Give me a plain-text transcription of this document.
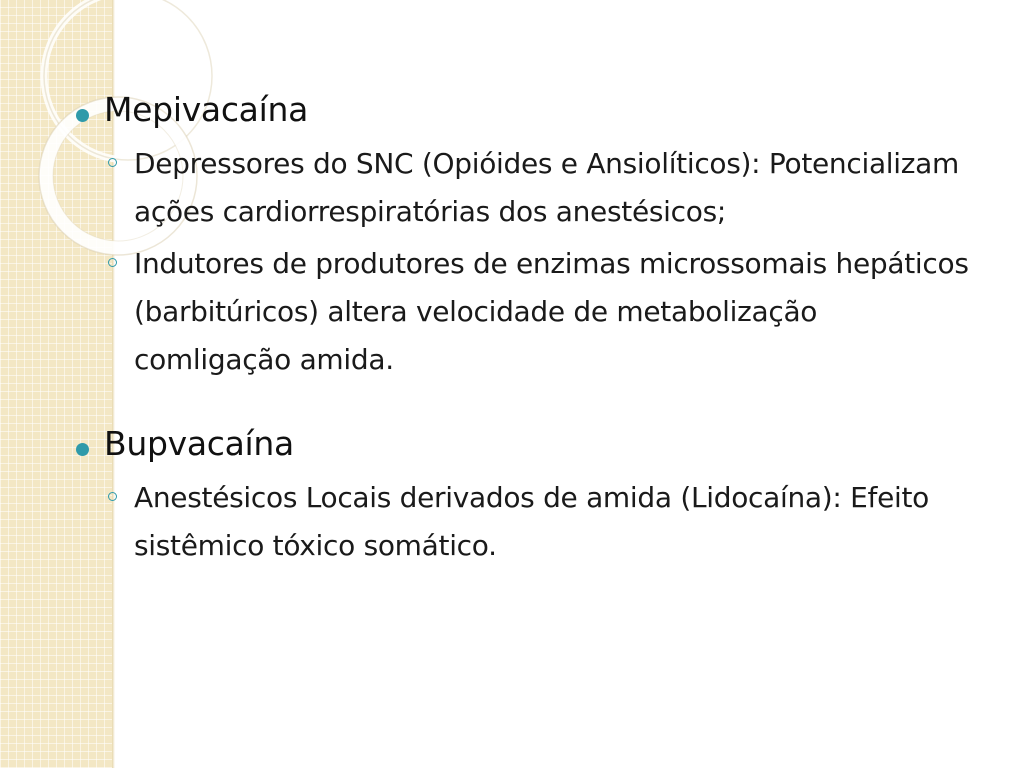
Mepivacaína
Depressores do SNC (Opióides e Ansiolíticos): Potencializam ações cardiorrespiratórias dos anestésicos;
Indutores de produtores de enzimas microssomais hepáticos (barbitúricos) altera velocidade de metabolização comligação amida.
Bupvacaína
Anestésicos Locais derivados de amida (Lidocaína): Efeito sistêmico tóxico somático.
